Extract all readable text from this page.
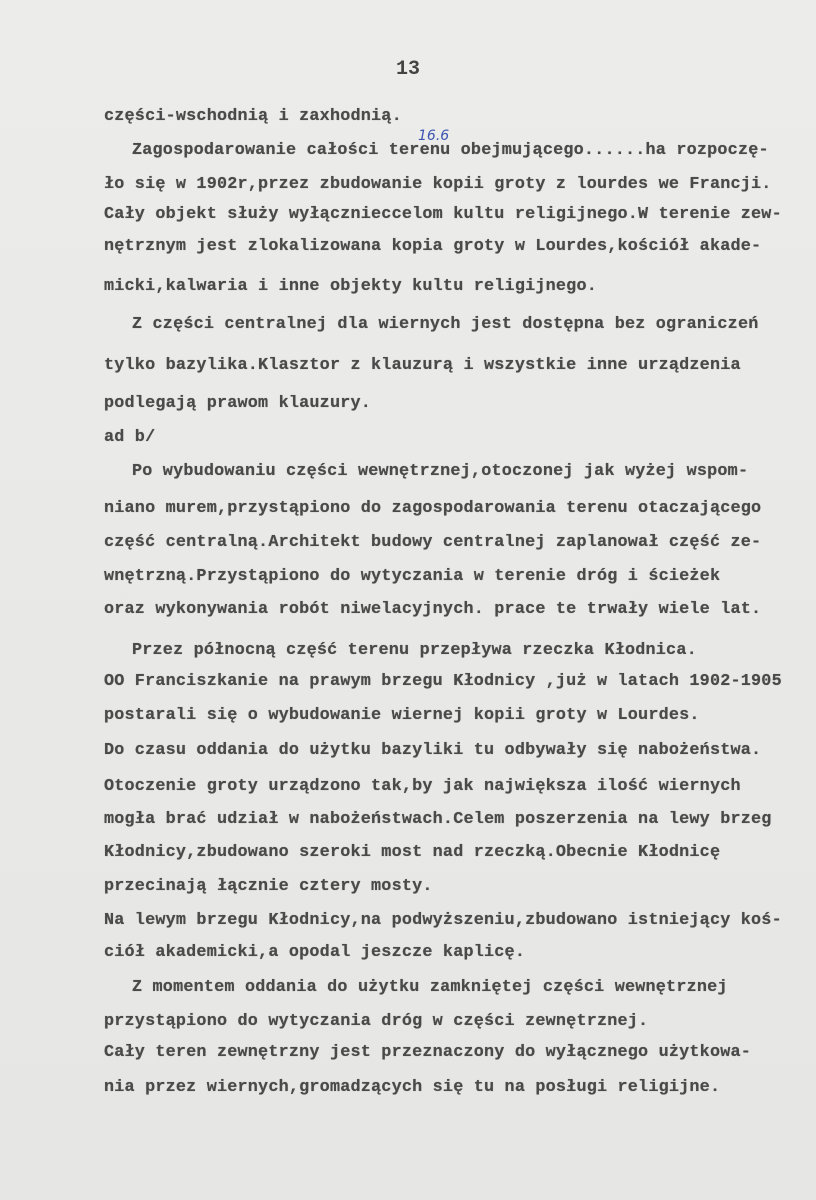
13
16.6
części-wschodnią i zaxhodnią.
Zagospodarowanie całości terenu obejmującego......ha rozpoczę-
ło się w 1902r,przez zbudowanie kopii groty z lourdes we Francji.
Cały objekt służy wyłącznieccelom kultu religijnego.W terenie zew-
nętrznym jest zlokalizowana kopia groty w Lourdes,kościół akade-
micki,kalwaria i inne objekty kultu religijnego.
Z części centralnej dla wiernych jest dostępna bez ograniczeń
tylko bazylika.Klasztor z klauzurą i wszystkie inne urządzenia
podlegają prawom klauzury.
ad b/
Po wybudowaniu części wewnętrznej,otoczonej jak wyżej wspom-
niano murem,przystąpiono do zagospodarowania terenu otaczającego
część centralną.Architekt budowy centralnej zaplanował część ze-
wnętrzną.Przystąpiono do wytyczania w terenie dróg i ścieżek
oraz wykonywania robót niwelacyjnych. prace te trwały wiele lat.
Przez północną część terenu przepływa rzeczka Kłodnica.
OO Franciszkanie na prawym brzegu Kłodnicy ,już w latach 1902-1905
postarali się o wybudowanie wiernej kopii groty w Lourdes.
Do czasu oddania do użytku bazyliki tu odbywały się nabożeństwa.
Otoczenie groty urządzono tak,by jak największa ilość wiernych
mogła brać udział w nabożeństwach.Celem poszerzenia na lewy brzeg
Kłodnicy,zbudowano szeroki most nad rzeczką.Obecnie Kłodnicę
przecinają łącznie cztery mosty.
Na lewym brzegu Kłodnicy,na podwyższeniu,zbudowano istniejący koś-
ciół akademicki,a opodal jeszcze kaplicę.
Z momentem oddania do użytku zamkniętej części wewnętrznej
przystąpiono do wytyczania dróg w części zewnętrznej.
Cały teren zewnętrzny jest przeznaczony do wyłącznego użytkowa-
nia przez wiernych,gromadzących się tu na posługi religijne.
